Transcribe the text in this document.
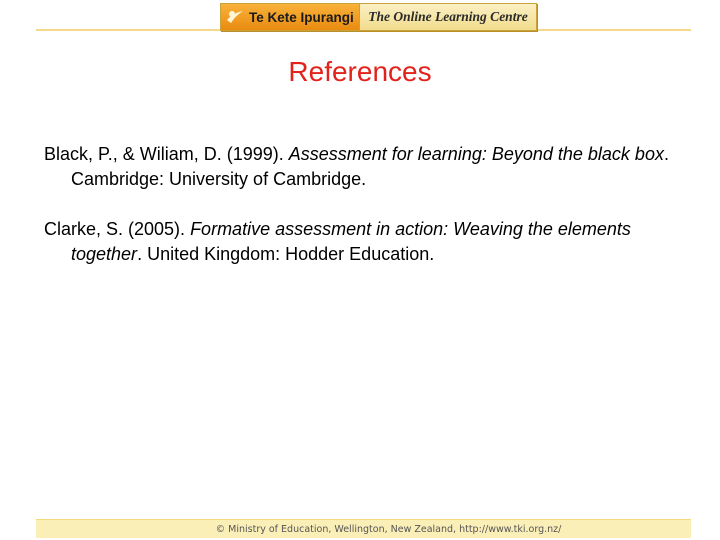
Te Kete Ipurangi The Online Learning Centre
References

Black, P., & Wiliam, D. (1999). Assessment for learning: Beyond the black box. Cambridge: University of Cambridge.

Clarke, S. (2005). Formative assessment in action: Weaving the elements together. United Kingdom: Hodder Education.

© Ministry of Education, Wellington, New Zealand, http://www.tki.org.nz/
